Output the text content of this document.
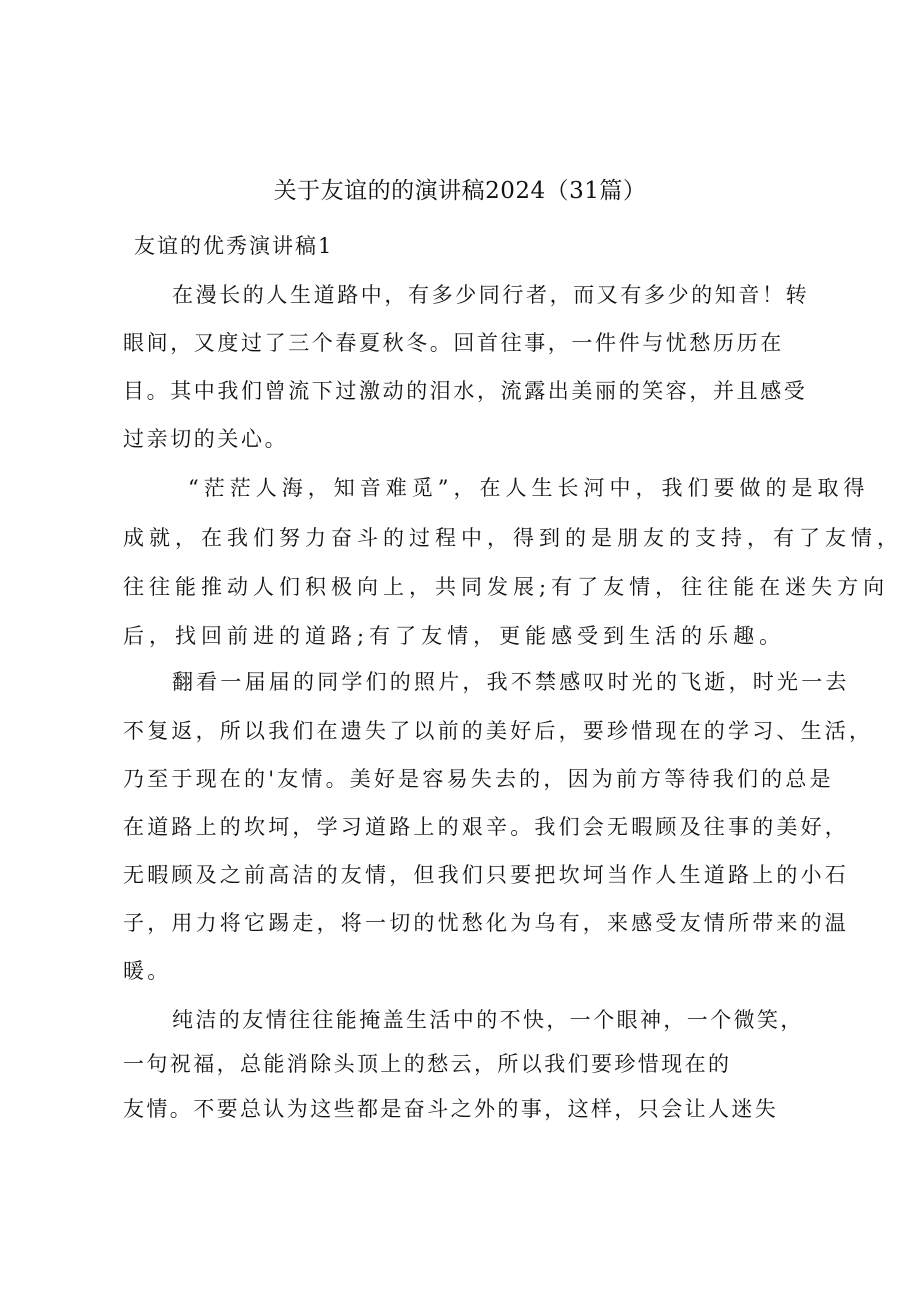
关于友谊的的演讲稿2024（31篇）
友谊的优秀演讲稿1
在漫长的人生道路中，有多少同行者，而又有多少的知音！转
眼间，又度过了三个春夏秋冬。回首往事，一件件与忧愁历历在
目。其中我们曾流下过激动的泪水，流露出美丽的笑容，并且感受
过亲切的关心。
“茫茫人海，知音难觅”，在人生长河中，我们要做的是取得
成就，在我们努力奋斗的过程中，得到的是朋友的支持，有了友情，
往往能推动人们积极向上，共同发展;有了友情，往往能在迷失方向
后，找回前进的道路;有了友情，更能感受到生活的乐趣。
翻看一届届的同学们的照片，我不禁感叹时光的飞逝，时光一去
不复返，所以我们在遗失了以前的美好后，要珍惜现在的学习、生活，
乃至于现在的'友情。美好是容易失去的，因为前方等待我们的总是
在道路上的坎坷，学习道路上的艰辛。我们会无暇顾及往事的美好，
无暇顾及之前高洁的友情，但我们只要把坎坷当作人生道路上的小石
子，用力将它踢走，将一切的忧愁化为乌有，来感受友情所带来的温
暖。
纯洁的友情往往能掩盖生活中的不快，一个眼神，一个微笑，
一句祝福，总能消除头顶上的愁云，所以我们要珍惜现在的
友情。不要总认为这些都是奋斗之外的事，这样，只会让人迷失
